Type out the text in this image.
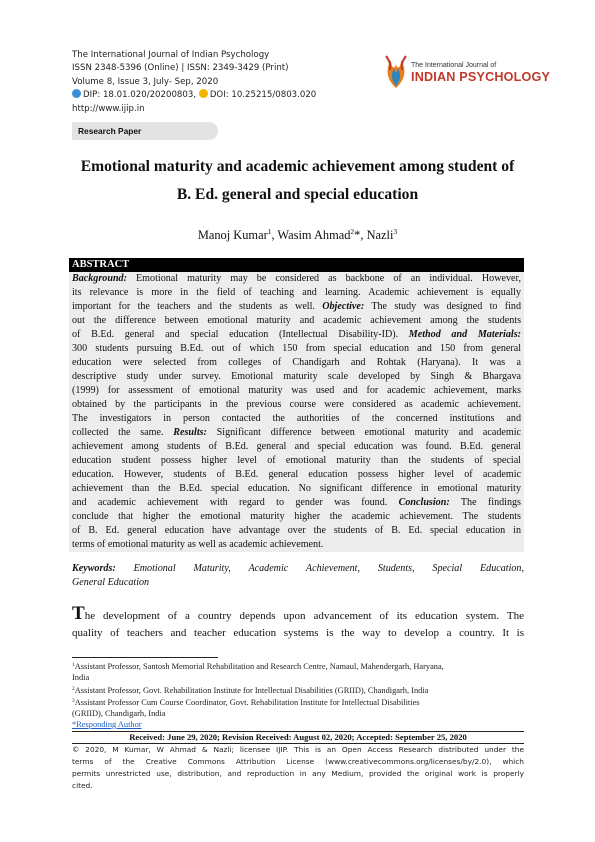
The International Journal of Indian Psychology
ISSN 2348-5396 (Online) | ISSN: 2349-3429 (Print)
Volume 8, Issue 3, July- Sep, 2020
DIP: 18.01.020/20200803, DOI: 10.25215/0803.020
http://www.ijip.in
The International Journal of
INDIAN PSYCHOLOGY
Research Paper
Emotional maturity and academic achievement among student of
B. Ed. general and special education
Manoj Kumar$^1$, Wasim Ahmad$^2$*, Nazli$^3$
ABSTRACT
Background: Emotional maturity may be considered as backbone of an individual. However,
its relevance is more in the field of teaching and learning. Academic achievement is equally
important for the teachers and the students as well. Objective: The study was designed to find
out the difference between emotional maturity and academic achievement among the students
of B.Ed. general and special education (Intellectual Disability-ID). Method and Materials:
300 students pursuing B.Ed. out of which 150 from special education and 150 from general
education were selected from colleges of Chandigarh and Rohtak (Haryana). It was a
descriptive study under survey. Emotional maturity scale developed by Singh & Bhargava
(1999) for assessment of emotional maturity was used and for academic achievement, marks
obtained by the participants in the previous course were considered as academic achievement.
The investigators in person contacted the authorities of the concerned institutions and
collected the same. Results: Significant difference between emotional maturity and academic
achievement among students of B.Ed. general and special education was found. B.Ed. general
education student possess higher level of emotional maturity than the students of special
education. However, students of B.Ed. general education possess higher level of academic
achievement than the B.Ed. special education. No significant difference in emotional maturity
and academic achievement with regard to gender was found. Conclusion: The findings
conclude that higher the emotional maturity higher the academic achievement. The students
of B. Ed. general education have advantage over the students of B. Ed. special education in
terms of emotional maturity as well as academic achievement.
Keywords: Emotional Maturity, Academic Achievement, Students, Special Education,
General Education
The development of a country depends upon advancement of its education system. The
quality of teachers and teacher education systems is the way to develop a country. It is
$^1$Assistant Professor, Santosh Memorial Rehabilitation and Research Centre, Namaul, Mahendergarh, Haryana,
India
$^2$Assistant Professor, Govt. Rehabilitation Institute for Intellectual Disabilities (GRIID), Chandigarh, India
$^3$Assistant Professor Cum Course Coordinator, Govt. Rehabilitation Institute for Intellectual Disabilities
(GRIID), Chandigarh, India
*Responding Author
Received: June 29, 2020; Revision Received: August 02, 2020; Accepted: September 25, 2020
© 2020, M Kumar, W Ahmad & Nazli; licensee IJIP. This is an Open Access Research distributed under the
terms of the Creative Commons Attribution License (www.creativecommons.org/licenses/by/2.0), which
permits unrestricted use, distribution, and reproduction in any Medium, provided the original work is properly
cited.
